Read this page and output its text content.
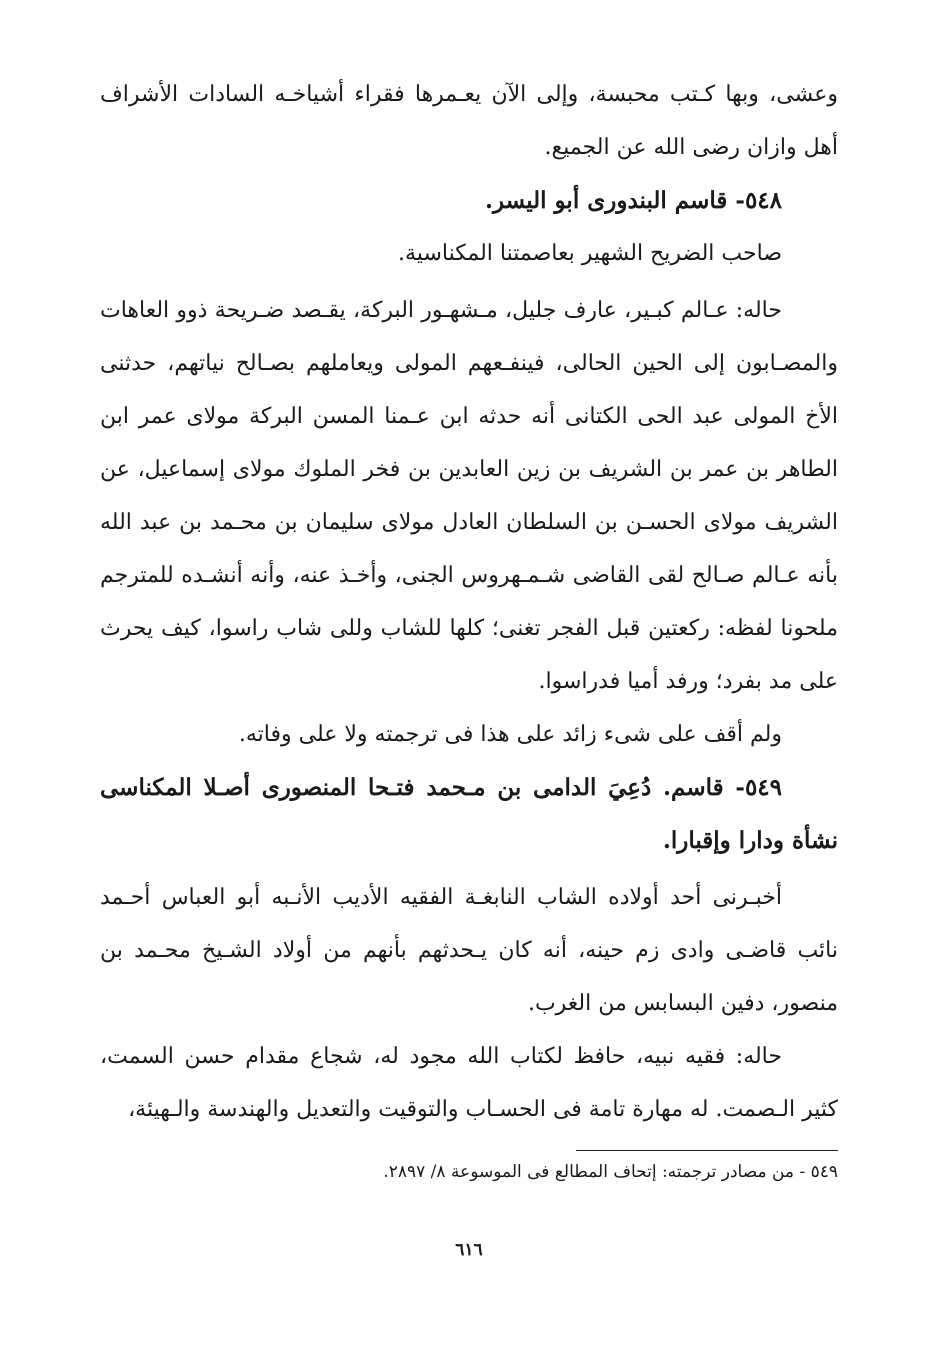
وعشى، وبها كـتب محبسة، وإلى الآن يعـمرها فقراء أشياخـه السادات الأشراف أهل وازان رضى الله عن الجميع.

٥٤٨- قاسم البندورى أبو اليسر.

صاحب الضريح الشهير بعاصمتنا المكناسية.

حاله: عـالم كبـير، عارف جليل، مـشهـور البركة، يقـصد ضـريحة ذوو العاهات والمصـابون إلى الحين الحالى، فينفـعهم المولى ويعاملهم بصـالح نياتهم، حدثنى الأخ المولى عبد الحى الكتانى أنه حدثه ابن عـمنا المسن البركة مولاى عمر ابن الطاهر بن عمر بن الشريف بن زين العابدين بن فخر الملوك مولاى إسماعيل، عن الشريف مولاى الحسـن بن السلطان العادل مولاى سليمان بن محـمد بن عبد الله بأنه عـالم صـالح لقى القاضى شـمـهروس الجنى، وأخـذ عنه، وأنه أنشـده للمترجم ملحونا لفظه: ركعتين قبل الفجر تغنى؛ كلها للشاب وللى شاب راسوا، كيف يحرث على مد بفرد؛ ورفد أميا فدراسوا.

ولم أقف على شىء زائد على هذا فى ترجمته ولا على وفاته.

٥٤٩- قاسم. دُعِيَ الدامى بن مـحمد فتـحا المنصورى أصـلا المكناسى نشأة ودارا وإقبارا.

أخبـرنى أحد أولاده الشاب النابغـة الفقيه الأديب الأنـبه أبو العباس أحـمد نائب قاضـى وادى زم حينه، أنه كان يـحدثهم بأنهم من أولاد الشـيخ محـمد بن منصور، دفين البسابس من الغرب.

حاله: فقيه نبيه، حافظ لكتاب الله مجود له، شجاع مقدام حسن السمت، كثير الـصمت. له مهارة تامة فى الحسـاب والتوقيت والتعديل والهندسة والـهيئة،

٥٤٩ - من مصادر ترجمته: إتحاف المطالع فى الموسوعة ٨/ ٢٨٩٧.
٦١٦
